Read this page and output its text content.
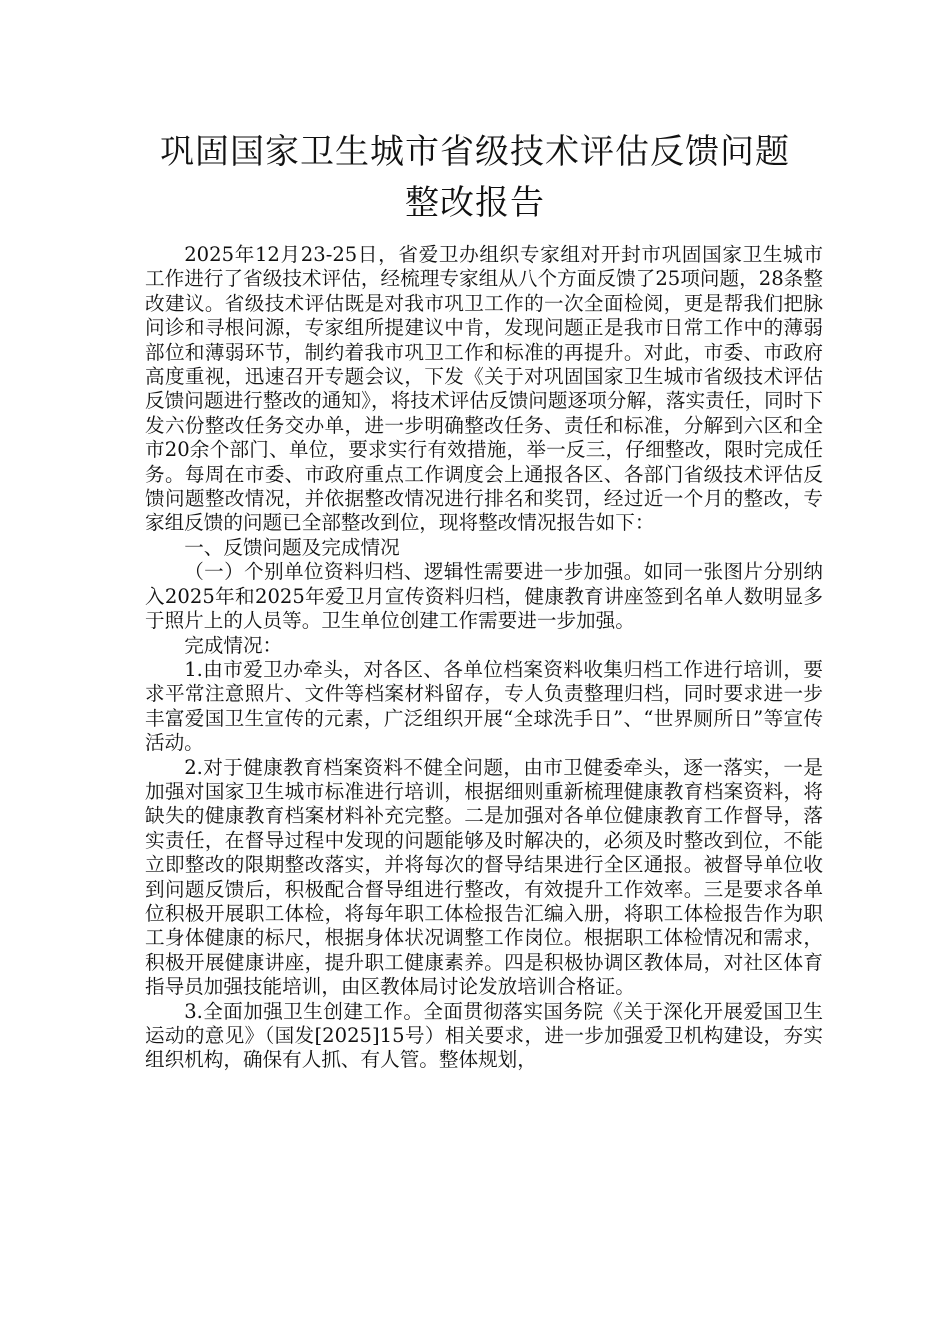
巩固国家卫生城市省级技术评估反馈问题
整改报告

2025年12月23-25日，省爱卫办组织专家组对开封市巩固国家卫生城市工作进行了省级技术评估，经梳理专家组从八个方面反馈了25项问题，28条整改建议。省级技术评估既是对我市巩卫工作的一次全面检阅，更是帮我们把脉问诊和寻根问源，专家组所提建议中肯，发现问题正是我市日常工作中的薄弱部位和薄弱环节，制约着我市巩卫工作和标准的再提升。对此，市委、市政府高度重视，迅速召开专题会议，下发《关于对巩固国家卫生城市省级技术评估反馈问题进行整改的通知》，将技术评估反馈问题逐项分解，落实责任，同时下发六份整改任务交办单，进一步明确整改任务、责任和标准，分解到六区和全市20余个部门、单位，要求实行有效措施，举一反三，仔细整改，限时完成任务。每周在市委、市政府重点工作调度会上通报各区、各部门省级技术评估反馈问题整改情况，并依据整改情况进行排名和奖罚，经过近一个月的整改，专家组反馈的问题已全部整改到位，现将整改情况报告如下：

一、反馈问题及完成情况

（一）个别单位资料归档、逻辑性需要进一步加强。如同一张图片分别纳入2025年和2025年爱卫月宣传资料归档，健康教育讲座签到名单人数明显多于照片上的人员等。卫生单位创建工作需要进一步加强。

完成情况：

1.由市爱卫办牵头，对各区、各单位档案资料收集归档工作进行培训，要求平常注意照片、文件等档案材料留存，专人负责整理归档，同时要求进一步丰富爱国卫生宣传的元素，广泛组织开展“全球洗手日”、“世界厕所日”等宣传活动。

2.对于健康教育档案资料不健全问题，由市卫健委牵头，逐一落实，一是加强对国家卫生城市标准进行培训，根据细则重新梳理健康教育档案资料，将缺失的健康教育档案材料补充完整。二是加强对各单位健康教育工作督导，落实责任，在督导过程中发现的问题能够及时解决的，必须及时整改到位，不能立即整改的限期整改落实，并将每次的督导结果进行全区通报。被督导单位收到问题反馈后，积极配合督导组进行整改，有效提升工作效率。三是要求各单位积极开展职工体检，将每年职工体检报告汇编入册，将职工体检报告作为职工身体健康的标尺，根据身体状况调整工作岗位。根据职工体检情况和需求，积极开展健康讲座，提升职工健康素养。四是积极协调区教体局，对社区体育指导员加强技能培训，由区教体局讨论发放培训合格证。

3.全面加强卫生创建工作。全面贯彻落实国务院《关于深化开展爱国卫生运动的意见》（国发[2025]15号）相关要求，进一步加强爱卫机构建设，夯实组织机构，确保有人抓、有人管。整体规划，
